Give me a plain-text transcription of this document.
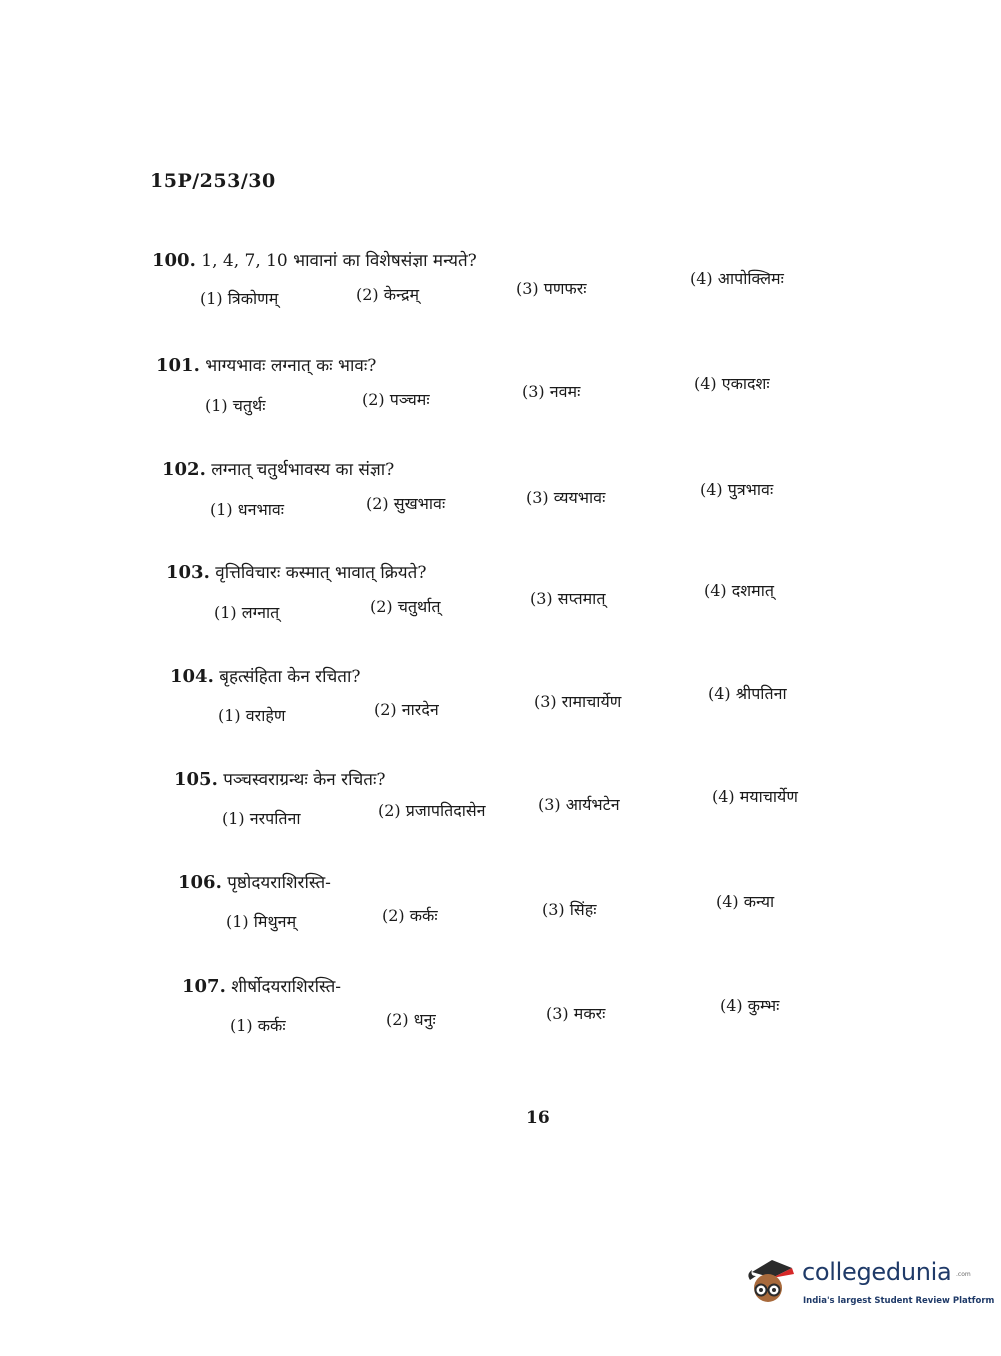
15P/253/30
100. 1, 4, 7, 10 भावानां का विशेषसंज्ञा मन्यते?
(1) त्रिकोणम्	(2) केन्द्रम्	(3) पणफरः
(4) आपोक्लिमः
101. भाग्यभावः लग्नात् कः भावः?
(1) चतुर्थः	(2) पञ्चमः	(3) नवमः	(4) एकादशः
102. लग्नात् चतुर्थभावस्य का संज्ञा?
(1) धनभावः	(2) सुखभावः	(3) व्ययभावः	(4) पुत्रभावः
103. वृत्तिविचारः कस्मात् भावात् क्रियते?
(1) लग्नात्	(2) चतुर्थात्	(3) सप्तमात्	(4) दशमात्
104. बृहत्संहिता केन रचिता?
(1) वराहेण	(2) नारदेन	(3) रामाचार्येण	(4) श्रीपतिना
105. पञ्चस्वराग्रन्थः केन रचितः?
(1) नरपतिना	(2) प्रजापतिदासेन	(3) आर्यभटेन	(4) मयाचार्येण
106. पृष्ठोदयराशिरस्ति-
(1) मिथुनम्	(2) कर्कः	(3) सिंहः	(4) कन्या
107. शीर्षोदयराशिरस्ति-
(1) कर्कः	(2) धनुः	(3) मकरः	(4) कुम्भः
16
collegedunia .com
India's largest Student Review Platform
